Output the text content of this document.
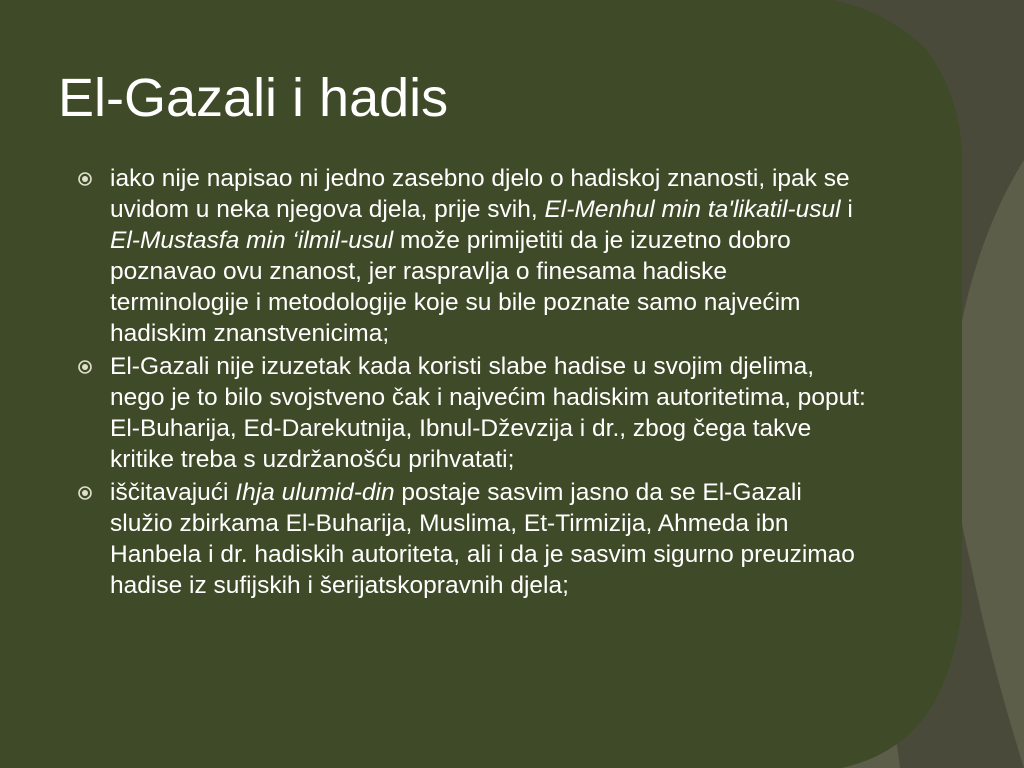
El-Gazali i hadis
iako nije napisao ni jedno zasebno djelo o hadiskoj znanosti, ipak se uvidom u neka njegova djela, prije svih, El-Menhul min ta'likatil-usul i El-Mustasfa min ‘ilmil-usul može primijetiti da je izuzetno dobro poznavao ovu znanost, jer raspravlja o finesama hadiske terminologije i metodologije koje su bile poznate samo najvećim hadiskim znanstvenicima;
El-Gazali nije izuzetak kada koristi slabe hadise u svojim djelima, nego je to bilo svojstveno čak i najvećim hadiskim autoritetima, poput: El-Buharija, Ed-Darekutnija, Ibnul-Dževzija i dr., zbog čega takve kritike treba s uzdržanošću prihvatati;
iščitavajući Ihja ulumid-din postaje sasvim jasno da se El-Gazali služio zbirkama El-Buharija, Muslima, Et-Tirmizija, Ahmeda ibn Hanbela i dr. hadiskih autoriteta, ali i da je sasvim sigurno preuzimao hadise iz sufijskih i šerijatskopravnih djela;
